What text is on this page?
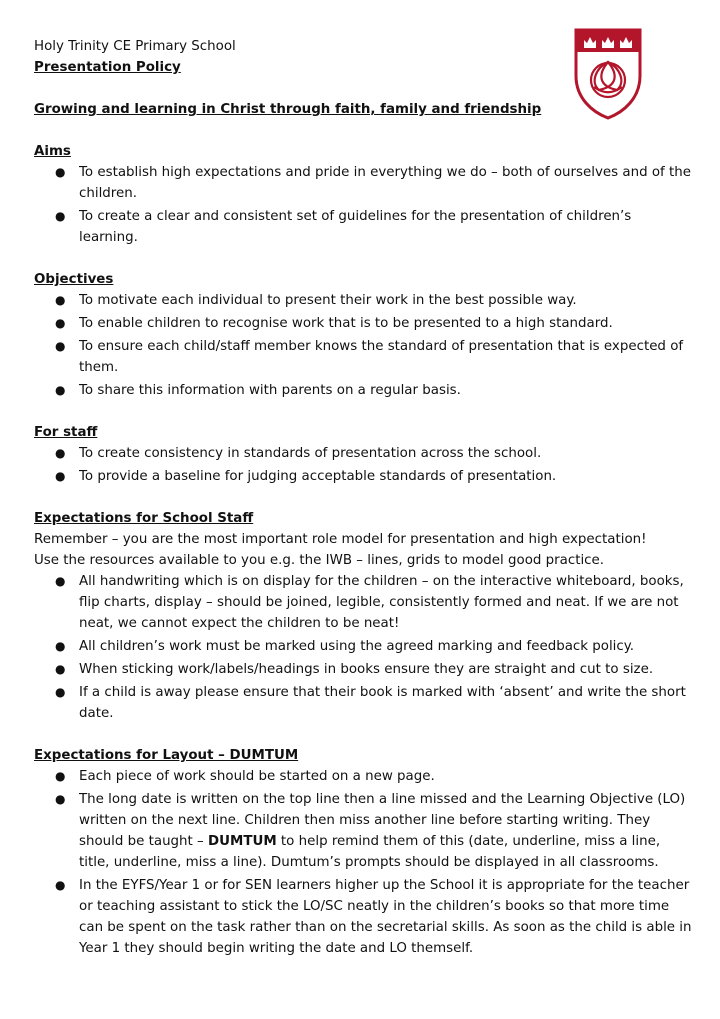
Holy Trinity CE Primary School
Presentation Policy
Growing and learning in Christ through faith, family and friendship
Aims
● To establish high expectations and pride in everything we do – both of ourselves and of the children.
● To create a clear and consistent set of guidelines for the presentation of children’s learning.
Objectives
● To motivate each individual to present their work in the best possible way.
● To enable children to recognise work that is to be presented to a high standard.
● To ensure each child/staff member knows the standard of presentation that is expected of them.
● To share this information with parents on a regular basis.
For staff
● To create consistency in standards of presentation across the school.
● To provide a baseline for judging acceptable standards of presentation.
Expectations for School Staff
Remember – you are the most important role model for presentation and high expectation!
Use the resources available to you e.g. the IWB – lines, grids to model good practice.
● All handwriting which is on display for the children – on the interactive whiteboard, books, flip charts, display – should be joined, legible, consistently formed and neat. If we are not neat, we cannot expect the children to be neat!
● All children’s work must be marked using the agreed marking and feedback policy.
● When sticking work/labels/headings in books ensure they are straight and cut to size.
● If a child is away please ensure that their book is marked with ‘absent’ and write the short date.
Expectations for Layout – DUMTUM
● Each piece of work should be started on a new page.
● The long date is written on the top line then a line missed and the Learning Objective (LO) written on the next line. Children then miss another line before starting writing. They should be taught – DUMTUM to help remind them of this (date, underline, miss a line, title, underline, miss a line). Dumtum’s prompts should be displayed in all classrooms.
● In the EYFS/Year 1 or for SEN learners higher up the School it is appropriate for the teacher or teaching assistant to stick the LO/SC neatly in the children’s books so that more time can be spent on the task rather than on the secretarial skills. As soon as the child is able in Year 1 they should begin writing the date and LO themself.
